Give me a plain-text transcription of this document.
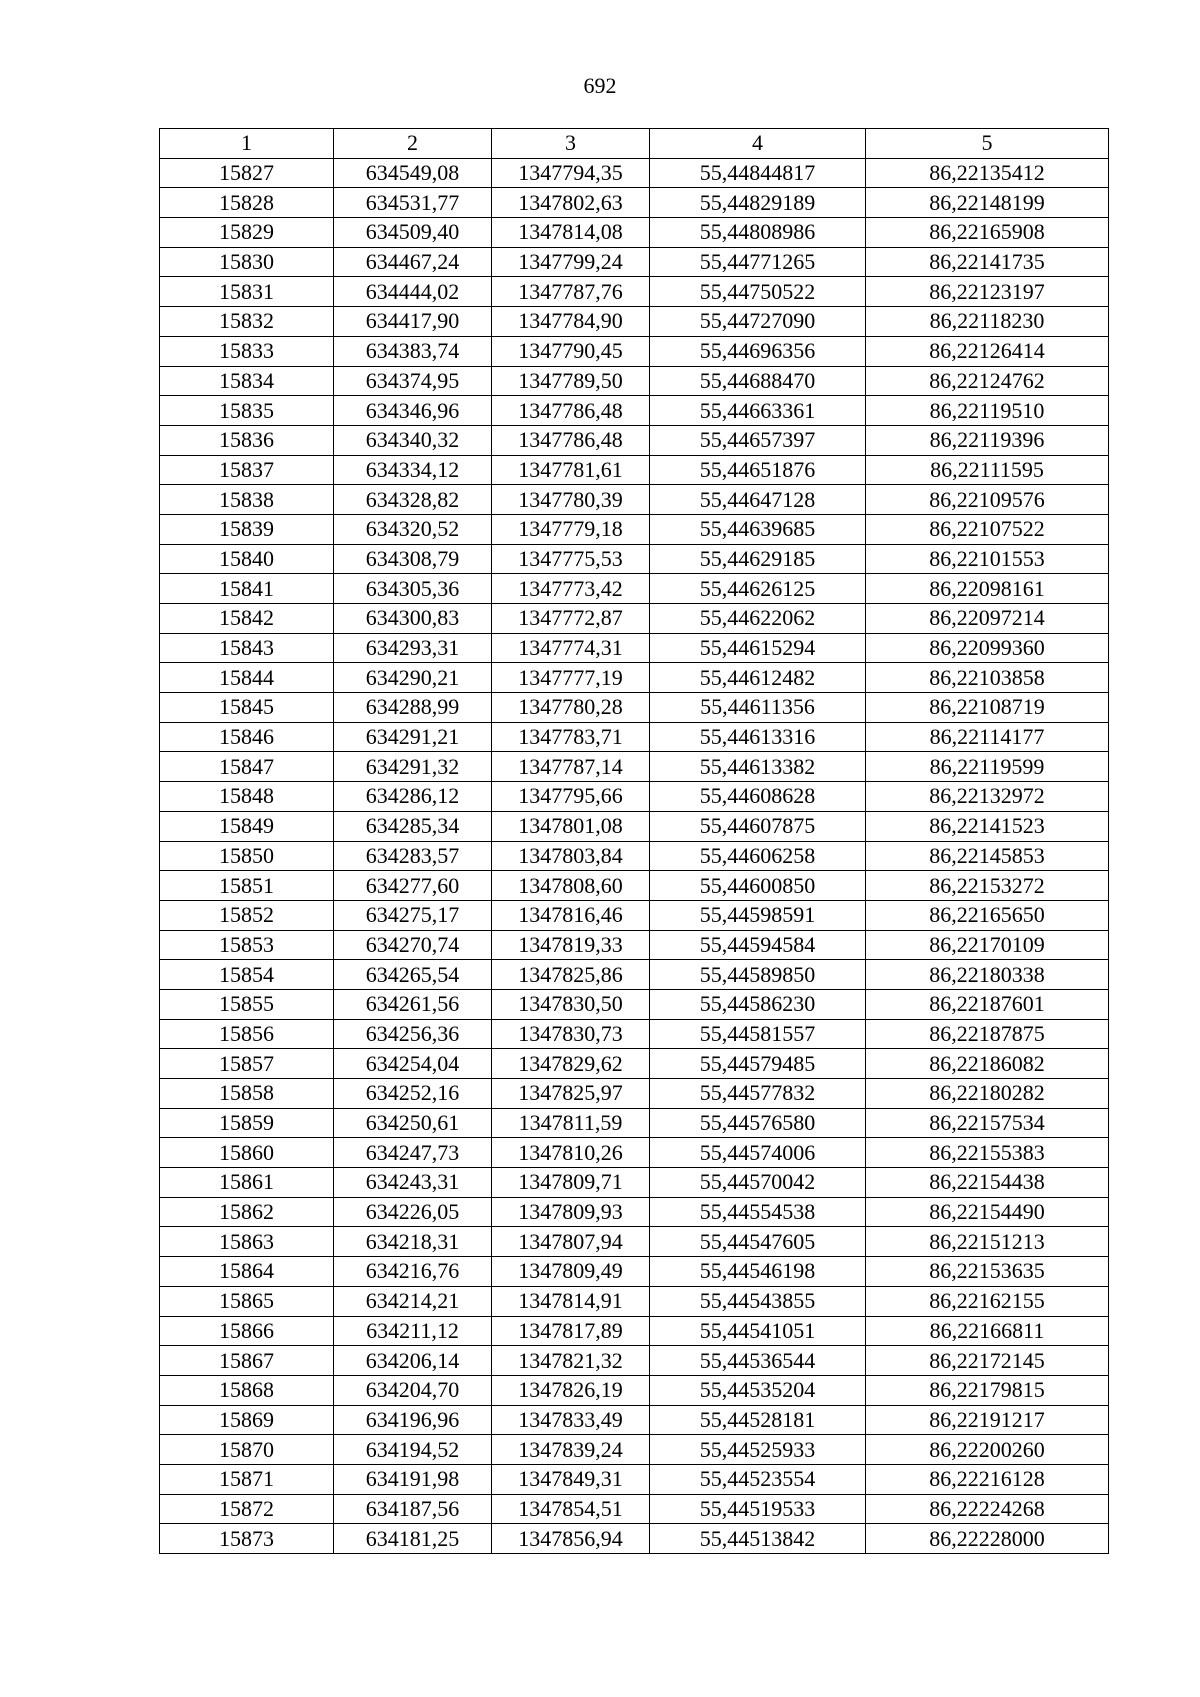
692
1	2	3	4	5
15827	634549,08	1347794,35	55,44844817	86,22135412
15828	634531,77	1347802,63	55,44829189	86,22148199
15829	634509,40	1347814,08	55,44808986	86,22165908
15830	634467,24	1347799,24	55,44771265	86,22141735
15831	634444,02	1347787,76	55,44750522	86,22123197
15832	634417,90	1347784,90	55,44727090	86,22118230
15833	634383,74	1347790,45	55,44696356	86,22126414
15834	634374,95	1347789,50	55,44688470	86,22124762
15835	634346,96	1347786,48	55,44663361	86,22119510
15836	634340,32	1347786,48	55,44657397	86,22119396
15837	634334,12	1347781,61	55,44651876	86,22111595
15838	634328,82	1347780,39	55,44647128	86,22109576
15839	634320,52	1347779,18	55,44639685	86,22107522
15840	634308,79	1347775,53	55,44629185	86,22101553
15841	634305,36	1347773,42	55,44626125	86,22098161
15842	634300,83	1347772,87	55,44622062	86,22097214
15843	634293,31	1347774,31	55,44615294	86,22099360
15844	634290,21	1347777,19	55,44612482	86,22103858
15845	634288,99	1347780,28	55,44611356	86,22108719
15846	634291,21	1347783,71	55,44613316	86,22114177
15847	634291,32	1347787,14	55,44613382	86,22119599
15848	634286,12	1347795,66	55,44608628	86,22132972
15849	634285,34	1347801,08	55,44607875	86,22141523
15850	634283,57	1347803,84	55,44606258	86,22145853
15851	634277,60	1347808,60	55,44600850	86,22153272
15852	634275,17	1347816,46	55,44598591	86,22165650
15853	634270,74	1347819,33	55,44594584	86,22170109
15854	634265,54	1347825,86	55,44589850	86,22180338
15855	634261,56	1347830,50	55,44586230	86,22187601
15856	634256,36	1347830,73	55,44581557	86,22187875
15857	634254,04	1347829,62	55,44579485	86,22186082
15858	634252,16	1347825,97	55,44577832	86,22180282
15859	634250,61	1347811,59	55,44576580	86,22157534
15860	634247,73	1347810,26	55,44574006	86,22155383
15861	634243,31	1347809,71	55,44570042	86,22154438
15862	634226,05	1347809,93	55,44554538	86,22154490
15863	634218,31	1347807,94	55,44547605	86,22151213
15864	634216,76	1347809,49	55,44546198	86,22153635
15865	634214,21	1347814,91	55,44543855	86,22162155
15866	634211,12	1347817,89	55,44541051	86,22166811
15867	634206,14	1347821,32	55,44536544	86,22172145
15868	634204,70	1347826,19	55,44535204	86,22179815
15869	634196,96	1347833,49	55,44528181	86,22191217
15870	634194,52	1347839,24	55,44525933	86,22200260
15871	634191,98	1347849,31	55,44523554	86,22216128
15872	634187,56	1347854,51	55,44519533	86,22224268
15873	634181,25	1347856,94	55,44513842	86,22228000
